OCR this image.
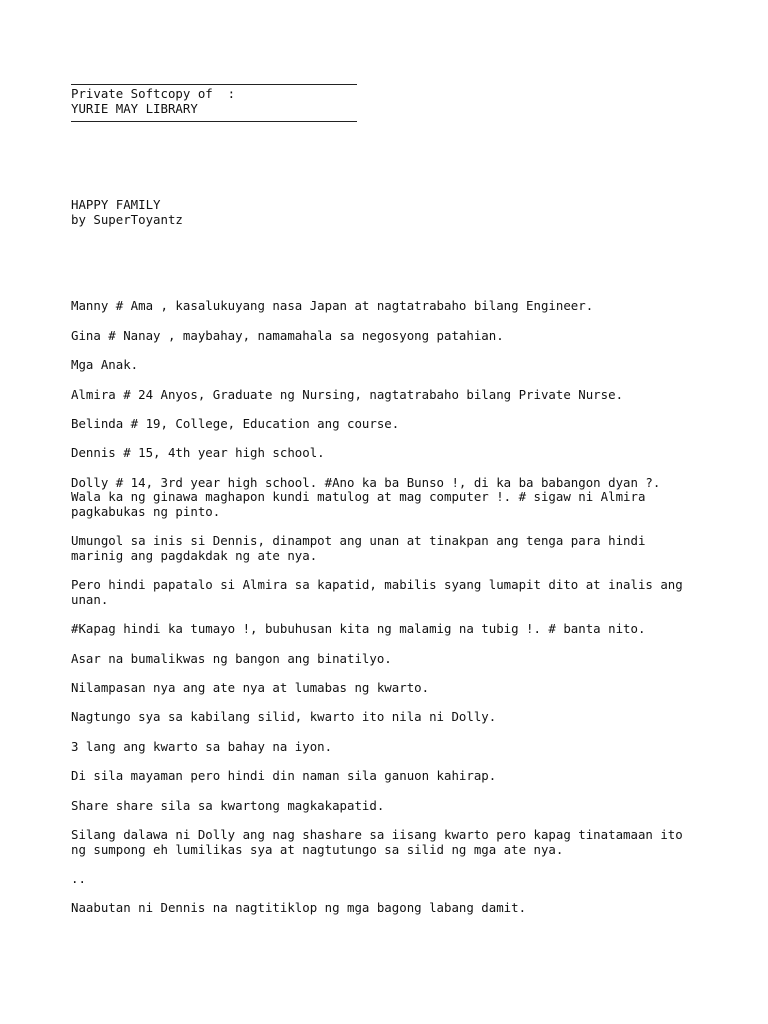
Private Softcopy of  :
YURIE MAY LIBRARY
HAPPY FAMILY
by SuperToyantz

Manny # Ama , kasalukuyang nasa Japan at nagtatrabaho bilang Engineer.

Gina # Nanay , maybahay, namamahala sa negosyong patahian.

Mga Anak.

Almira # 24 Anyos, Graduate ng Nursing, nagtatrabaho bilang Private Nurse.

Belinda # 19, College, Education ang course.

Dennis # 15, 4th year high school.

Dolly # 14, 3rd year high school. #Ano ka ba Bunso !, di ka ba babangon dyan ?.
Wala ka ng ginawa maghapon kundi matulog at mag computer !. # sigaw ni Almira
pagkabukas ng pinto.

Umungol sa inis si Dennis, dinampot ang unan at tinakpan ang tenga para hindi
marinig ang pagdakdak ng ate nya.

Pero hindi papatalo si Almira sa kapatid, mabilis syang lumapit dito at inalis ang
unan.

#Kapag hindi ka tumayo !, bubuhusan kita ng malamig na tubig !. # banta nito.

Asar na bumalikwas ng bangon ang binatilyo.

Nilampasan nya ang ate nya at lumabas ng kwarto.

Nagtungo sya sa kabilang silid, kwarto ito nila ni Dolly.

3 lang ang kwarto sa bahay na iyon.

Di sila mayaman pero hindi din naman sila ganuon kahirap.

Share share sila sa kwartong magkakapatid.

Silang dalawa ni Dolly ang nag shashare sa iisang kwarto pero kapag tinatamaan ito
ng sumpong eh lumilikas sya at nagtutungo sa silid ng mga ate nya.

..

Naabutan ni Dennis na nagtitiklop ng mga bagong labang damit.
